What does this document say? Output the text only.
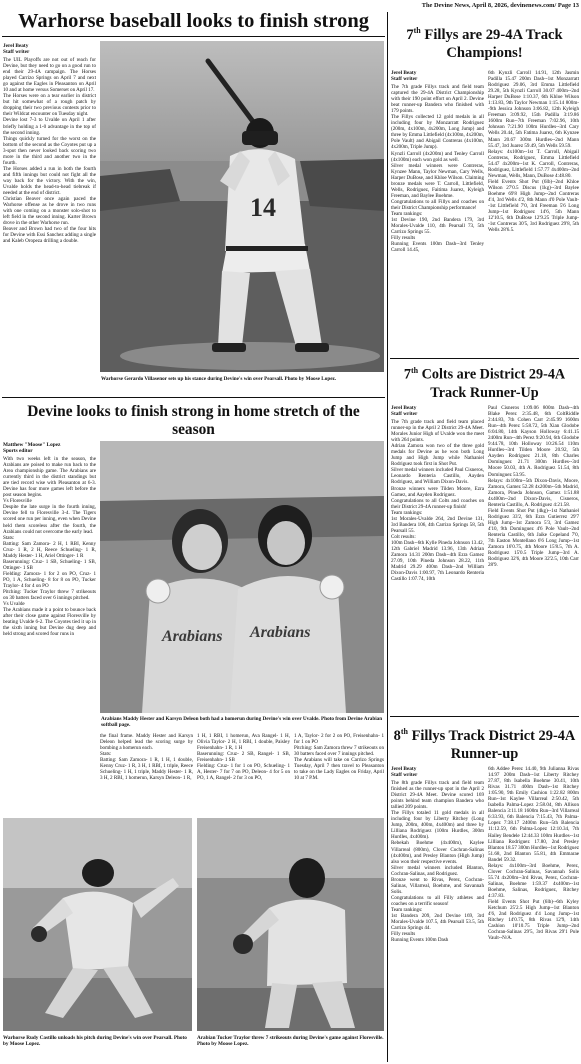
The Devine News, April 8, 2026, devinenews.com/ Page 13
Warhorse baseball looks to finish strong
Jerel Beaty
Staff writer
The UIL Playoffs are not out of reach for Devine, but they need to go on a good run to end their 29-4A campaign. The Horses played Carrizo Springs on April 7 and next go against the Eagles in Pleasanton on April 10 and at home versus Somerset on April 17.
The Horses were on a tear earlier in district but hit somewhat of a rough patch by dropping their two previous contests prior to their Wildcat encounter on Tuesday night.
Devine lost 7-3 to Uvalde on April 1 after briefly holding a 1-0 advantage in the top of the second inning.
Things quickly turned for the worst on the bottom of the second as the Coyotes put up a 3-spot then never looked back scoring two more in the third and another two in the fourth.
The Horses added a run in both the fourth and fifth innings but could not fight all the way back for the victory. With the win, Uvalde holds the head-to-head tiebreak if needed at the end of district.
Christian Beaver once again paced the Warhorse offense as he drove in two runs with one coming on a monster solo-shot to left field in the second inning. Karter Brown drove in the other Warhorse run.
Beaver and Brown had two of the four hits for Devine with Essi Sanchez adding a single and Kaleb Oropeza drilling a double.
14
Warhorse Gerardo Villasenor sets up his stance during Devine's win over Pearsall. Photo by Moose Lopez.
Devine looks to finish strong in home stretch of the season
Matthew "Moose" Lopez
Sports editor
With two weeks left in the season, the Arabians are poised to make run back to the Area championship game. The Arabians are currently third in the district standings but are tied record wise with Pleasanton at 6-3. Devine has four more games left before the post season begins.
Vs Floresville
Despite the late surge in the fourth inning, Devine fell to Floresville 3-4. The Tigers scored one run per inning, even when Devine held them scoreless after the fourth, the Arabians could not overcome the early lead.
Stats:
Batting: Sam Zamora- 2 H, 1 RBI, Kenny Cruz- 1 R, 2 H, Reece Schueling- 1 R, Maddy Hester- 1 H, Ariel Ottinger- 1 R
Baserunning: Cruz- 1 SB, Schueling- 1 SB, Ottinger- 1 SB
Fielding: Zamora- 1 for 2 on PO, Cruz- 1 PO, 1 A, Schueling- 8 for 8 on PO, Tucker Traylor- 4 for 4 on PO
Pitching: Tucker Traylor threw 7 strikeouts on 30 batters faced over 6 innings pitched.
Vs Uvalde
The Arabians made it a point to bounce back after their close game against Floresville by beating Uvalde 6-2. The Coyotes tied it up in the sixth inning but Devine dug deep and held strong and scored four runs in	Arabians Arabians
Arabians Maddy Hester and Karsyn Deleon both had a homerun during Devine's win over Uvalde. Photo from Devine Arabian softball page.
the final frame. Maddy Hester and Karsyn Deleon helped lead the scoring surge by bombing a homerun each.
Stats:
Batting: Sam Zamora- 1 R, 1 H, 1 double, Kenny Cruz- 1 R, 3 H, 1 RBI, 1 triple, Reece Schueling- 1 H, 1 triple, Maddy Hester- 1 R, 3 H, 2 RBI, 1 homerun, Karsyn Deleon- 1 R,
1 H, 1 RBI, 1 homerun, Ava Rangel- 1 H, Olivia Taylor- 2 H, 1 RBI, 1 double, Paisley Freisenhahn- 1 R, 1 H
Baserunning: Cruz- 2 SB, Rangel- 1 SB, Freisenhahn- 1 SB
Fielding: Cruz- 1 for 1 on PO, Schueling- 1 A, Hester- 7 for 7 on PO, Deleon- 4 for 5 on PO, 1 A, Rangel- 2 for 3 on PO,
1 A, Taylor- 2 for 2 on PO, Freisenhahn- 1 for 1 on PO
Pitching: Sam Zamora threw 7 strikeouts on 30 batters faced over 7 innings pitched.
The Arabians will take on Carrizo Springs Tuesday, April 7 then travel to Pleasanton to take on the Lady Eagles on Friday, April 10 at 7 P.M.
Warhorse Rudy Castillo unloads his pitch during Devine's win over Pearsall. Photo by Moose Lopez.
Arabian Tucker Traylor threw 7 strikeouts during Devine's game against Floresville. Photo by Moose Lopez.
7th Fillys are 29-4A Track Champions!
Jerel Beaty
Staff writer
The 7th grade Fillys track and field team captured the 29-4A District Championship with their 190 point effort on April 2. Devine beat runner-up Bandera who finished with 179 points.
The Fillys collected 12 gold medals in all including four by Monzarratt Rodriguez (200m, 4x100m, 4x200m, Long Jump) and three by Emma Littlefield (4x100m, 4x200m, Pole Vault) and Abigail Contreras (4x100m, 4x200m, Triple Jump).
Kynzli Carroll (4x200m) and Tenley Carroll (4x100m) each won gold as well.
Silver medal winners were Contreras, Kynzee Mann, Taylor Newman, Cary Wells, Harper DuBose, and Khloe Wilson. Claiming bronze medals were T. Carroll, Littlefield, Wells, Rodriguez, Faitima Juarez, Kyleigh Freeman, and Baylee Boehme.
Congratulations to all Fillys and coaches on their District Championship performance!
Team rankings:
1st Devine 190, 2nd Bandera 179, 3rd Morales-Uvalde 110, 4th Pearsall 73, 5th Carrizo Springs 55.
Filly results
Running Events 100m Dash--3rd Tenley Carroll 14.45,
6th Kynzli Carroll 14.91, 12th Jasmin Padilla 15.47 200m Dash--1st Monzarratt Rodriguez 29.06, 3rd Emma Littlefield 29.28, 5th Kynzli Carroll 30.07 400m--2nd Harper DuBose 1:10.37, 6th Khloe Wilson 1:13.83, 9th Taylor Newman 1:15.14 800m--9th Jessica Johnson 3:06.82, 12th Kyleigh Freeman 3:09.92, 15th Padilla 3:19.86 1600m Run--7th Freeman 7:02.96, 10th Johnson 7:21.90 100m Hurdles--3rd Cary Wells 20.44, 5th Fatima Juarez, 6th Kynzee Mann 20.67 300m Hurdles--2nd Mann 55.47, 3rd Juarez 59.49, 5th Wells 59.59.
Relays: 4x100m--1st T. Carroll, Abigail Contreras, Rodriguez, Emma Littlefield 54.47 4x200m--1st K. Carroll, Contreras, Rodriguez, Littlefield 1:57.77 4x400m--2nd Newman, Wells, Mann, DuBose 4:48.80.
Field Events Shot Put (6lb)--2nd Khloe Wilson 27'0.5 Discus (1kg)--3rd Baylee Boehme 69'8 High Jump--2nd Contreras 4'4, 3rd Wells 4'2, 8th Mann 4'0 Pole Vault--1st Littlefield 7'0, 3rd Freeman 5'6 Long Jump--1st Rodriguez 14'6, 5th Mann 12'10.5, 6th DuBose 12'9.25 Triple Jump--1st Contreras 30'5, 3rd Rodriguez 29'8, 5th Wells 28'6.5.
7th Colts are District 29-4A Track Runner-Up
Jerel Beaty
Staff writer
The 7th grade track and field team placed runner-up in the April 2 District 29-4A Meet. Morales Junior High of Uvalde won the meet with 264 points.
Adrian Zamora won two of the three gold medals for Devine as he won both Long Jump and High Jump while Nathaniel Rodriguez took first in Shot Put.
Silver medal winners included Paul Cisneros, Leonardo Renteria Castillo, Aayden Rodriguez, and William Dixon-Davis.
Bronze winners were Tilden Moore, Ezra Gamez, and Aayden Rodriguez.
Congratulations to all Colts and coaches on their District 29-4A runner-up finish!
Team rankings:
1st Morales-Uvalde 264, 2nd Devine 131, 3rd Bandera 106, 4th Carrizo Springs 58, 5th Pearsall 55.
Colt results:
100m Dash--6th Kylle Pineda Johnson 13.42, 12th Gabriel Madrid 13.96, 13th Adrian Zamora 14.31 200m Dash--4th Ezra Gamez 27.09, 10th Pineda Johnson 28.22, 11th Madrid 29.29 400m Dash--2nd William Dixon-Davis 1:00.97, 7th Leonardo Renteria Castillo 1:07.74, 10th
Paul Cisneros 1:09.06 800m Dash--4th Blake Perez 2:35.48, 6th ColtRiddle 2:44.83, 7th Cohen Carr 2:45.99 1600m Run--4th Perez 5:58.72, 5th Xian Glodobe 6:04.80, 14th Kayson Holloway 6:41.15 2400m Run--4th Perez 9:20.94, 6th Glodobe 9:44.78, 10th Holloway 10:26.54 110m Hurdles--3rd Tilden Moore 20.92, 5th Aayden Rodriguez 21.18, 8th Charles Dominguez 21.71 300m Hurdles--3rd Moore 50.03, 4th A. Rodriguez 51.54, 8th Dominguez 53.95.
Relays: 4x100m--5th Dixon-Davis, Moore, Zamora, Gamez 52.28 4x200m--5th Madrid, Zamora, Pineda Johnson, Gamez 1:51.88 4x400m--2nd Dixon-Davis, Cisneros, Renteria Castillo, A. Rodriguez 4:21.58.
Field Events Shot Put (4kg)--1st Nathaniel Rodriguez 33'2, 6th Ezra Gutierrez 29'7 High Jump--1st Zamora 5'3, 3rd Gamez 4'10, 9th Dominguez 4'6 Pole Vault--2nd Renteria Castillo, 6th Jaike Copeland 7'0, 7th Easton Montellano 6'6 Long Jump--1st Zamora 16'0.75, 4th Moore 15'8.5, 7th A. Rodriguez 15'0.5 Triple Jump--3rd A. Rodriguez 32'6, 4th Moore 32'2.5, 10th Carr 28'9.
8th Fillys Track District 29-4A Runner-up
Jerel Beaty
Staff writer
The 8th grade Fillys track and field team finished as the runner-up spot in the April 2 District 29-4A Meet. Devine scored 169 points behind team champion Bandera who tallied 209 points.
The Fillys totaled 11 gold medals in all including four by Liberty Ritchey (Long Jump, 200m, 400m, 4x400m) and three by Lilliana Rodriguez (100m Hurdles, 300m Hurdles, 4x400m).
Rebekah Boehme (4x400m), Kaylee Villarreal (800m), Clover Cochran-Salinas (4x400m), and Presley Blanton (High Jump) also won their respective events.
Silver medal winners included Blanton, Cochran-Salinas, and Rodriguez.
Bronze went to Rivas, Perez, Cochran-Salinas, Villarreal, Boehme, and Savannah Solis.
Congratulations to all Filly athletes and coaches on a terrific season!
Team rankings:
1st Bandera 209, 2nd Devine 169, 3rd Morales-Uvalde 107.5, 4th Pearsall 53.5, 5th Carrizo Springs 44.
Filly results
Running Events 100m Dash
6th Addee Perez 14.40, 9th Julianna Rivas 14.97 200m Dash--1st Liberty Ritchey 27.87, 8th Isabella Boehme 30.41, 10th Rivas 31.71 400m Dash--1st Ritchey 1:05.90, 9th Emily Cashion 1:22.82 800m Run--1st Kaylee Villarreal 2:50.42, 5th Isabella Palma-Lopez 2:58.04, 8th Allison Balencia 3:11.18 1600m Run--3rd Villarreal 6:33.93, 6th Balencia 7:15.43, 7th Palma-Lopez 7:38.17 2400m Run--5th Balencia 11:12.59, 6th Palma-Lopez 12:10.34, 7th Hailey Bendele 12:44.33 100m Hurdles--1st Lilliana Rodriguez 17.80, 2nd Presley Blanton 18.57 300m Hurdles--1st Rodriguez 51.68, 2nd Blanton 55.81, 4th Emmarae Bandel 59.32.
Relays: 4x100m--3rd Boehme, Perez, Clover Cochran-Salinas, Savannah Solis 55.74 4x200m--3rd Rivas, Perez, Cochran-Salinas, Boehme 1:59.37 4x400m--1st Boehme, Salinas, Rodriguez, Ritchey 4:37.83.
Field Events Shot Put (6lb)--6th Kyley Ketchum 25'2.5 High Jump--1st Blanton 4'6, 2nd Rodriguez 4'4 Long Jump--1st Ritchey 14'0.75, 8th Rivas 12'9, 14th Cashion 10'10.75 Triple Jump--2nd Cochran-Salinas 29'5, 3rd Rivas 29'1 Pole Vault--N/A.
